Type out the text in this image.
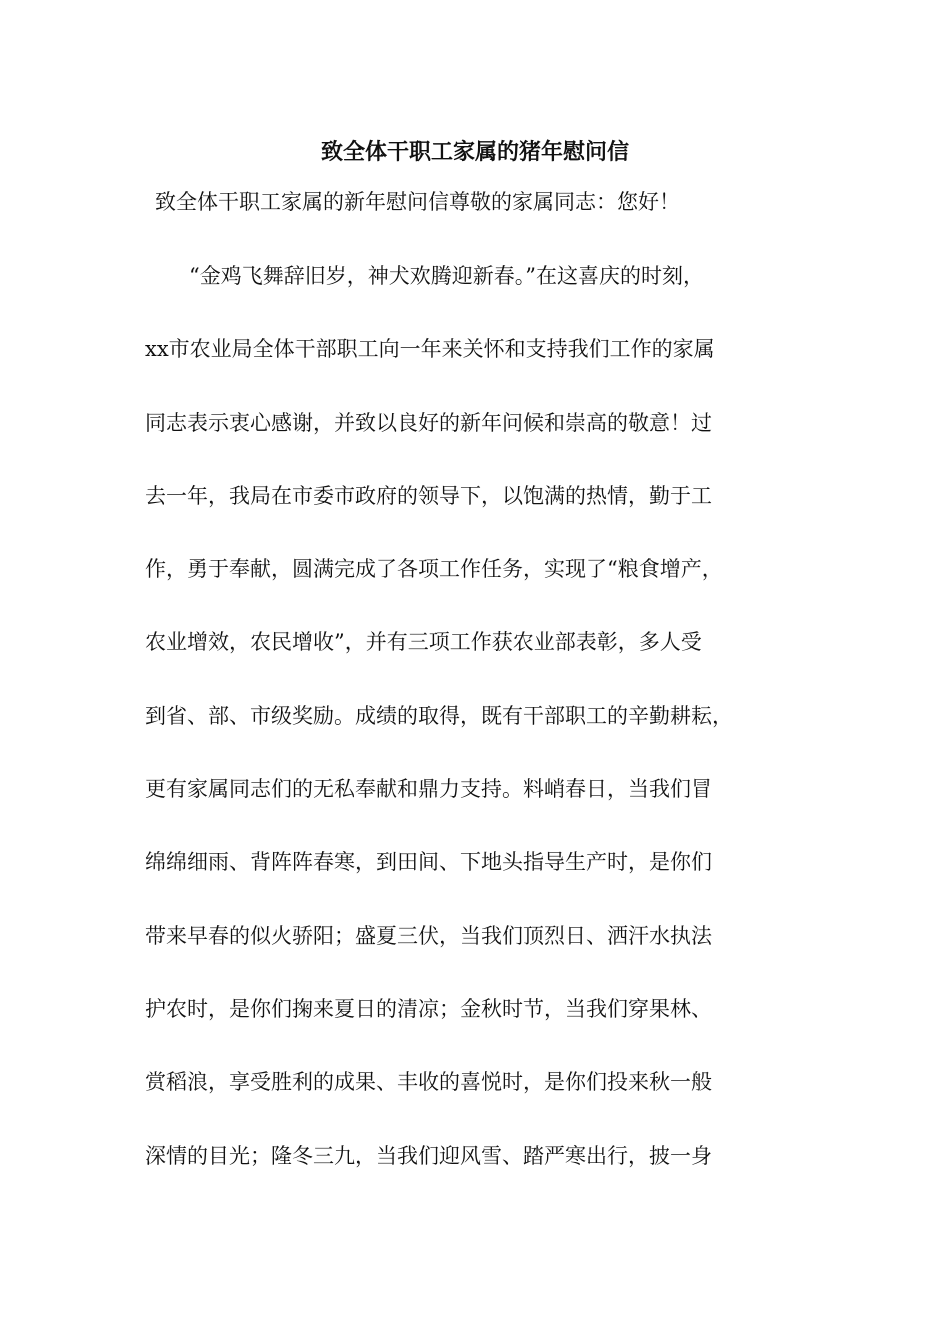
致全体干职工家属的猪年慰问信
致全体干职工家属的新年慰问信尊敬的家属同志：您好！
“金鸡飞舞辞旧岁，神犬欢腾迎新春。”在这喜庆的时刻，
xx市农业局全体干部职工向一年来关怀和支持我们工作的家属
同志表示衷心感谢，并致以良好的新年问候和崇高的敬意！过
去一年，我局在市委市政府的领导下，以饱满的热情，勤于工
作，勇于奉献，圆满完成了各项工作任务，实现了“粮食增产，
农业增效，农民增收”，并有三项工作获农业部表彰，多人受
到省、部、市级奖励。成绩的取得，既有干部职工的辛勤耕耘，
更有家属同志们的无私奉献和鼎力支持。料峭春日，当我们冒
绵绵细雨、背阵阵春寒，到田间、下地头指导生产时，是你们
带来早春的似火骄阳；盛夏三伏，当我们顶烈日、洒汗水执法
护农时，是你们掬来夏日的清凉；金秋时节，当我们穿果林、
赏稻浪，享受胜利的成果、丰收的喜悦时，是你们投来秋一般
深情的目光；隆冬三九，当我们迎风雪、踏严寒出行，披一身
